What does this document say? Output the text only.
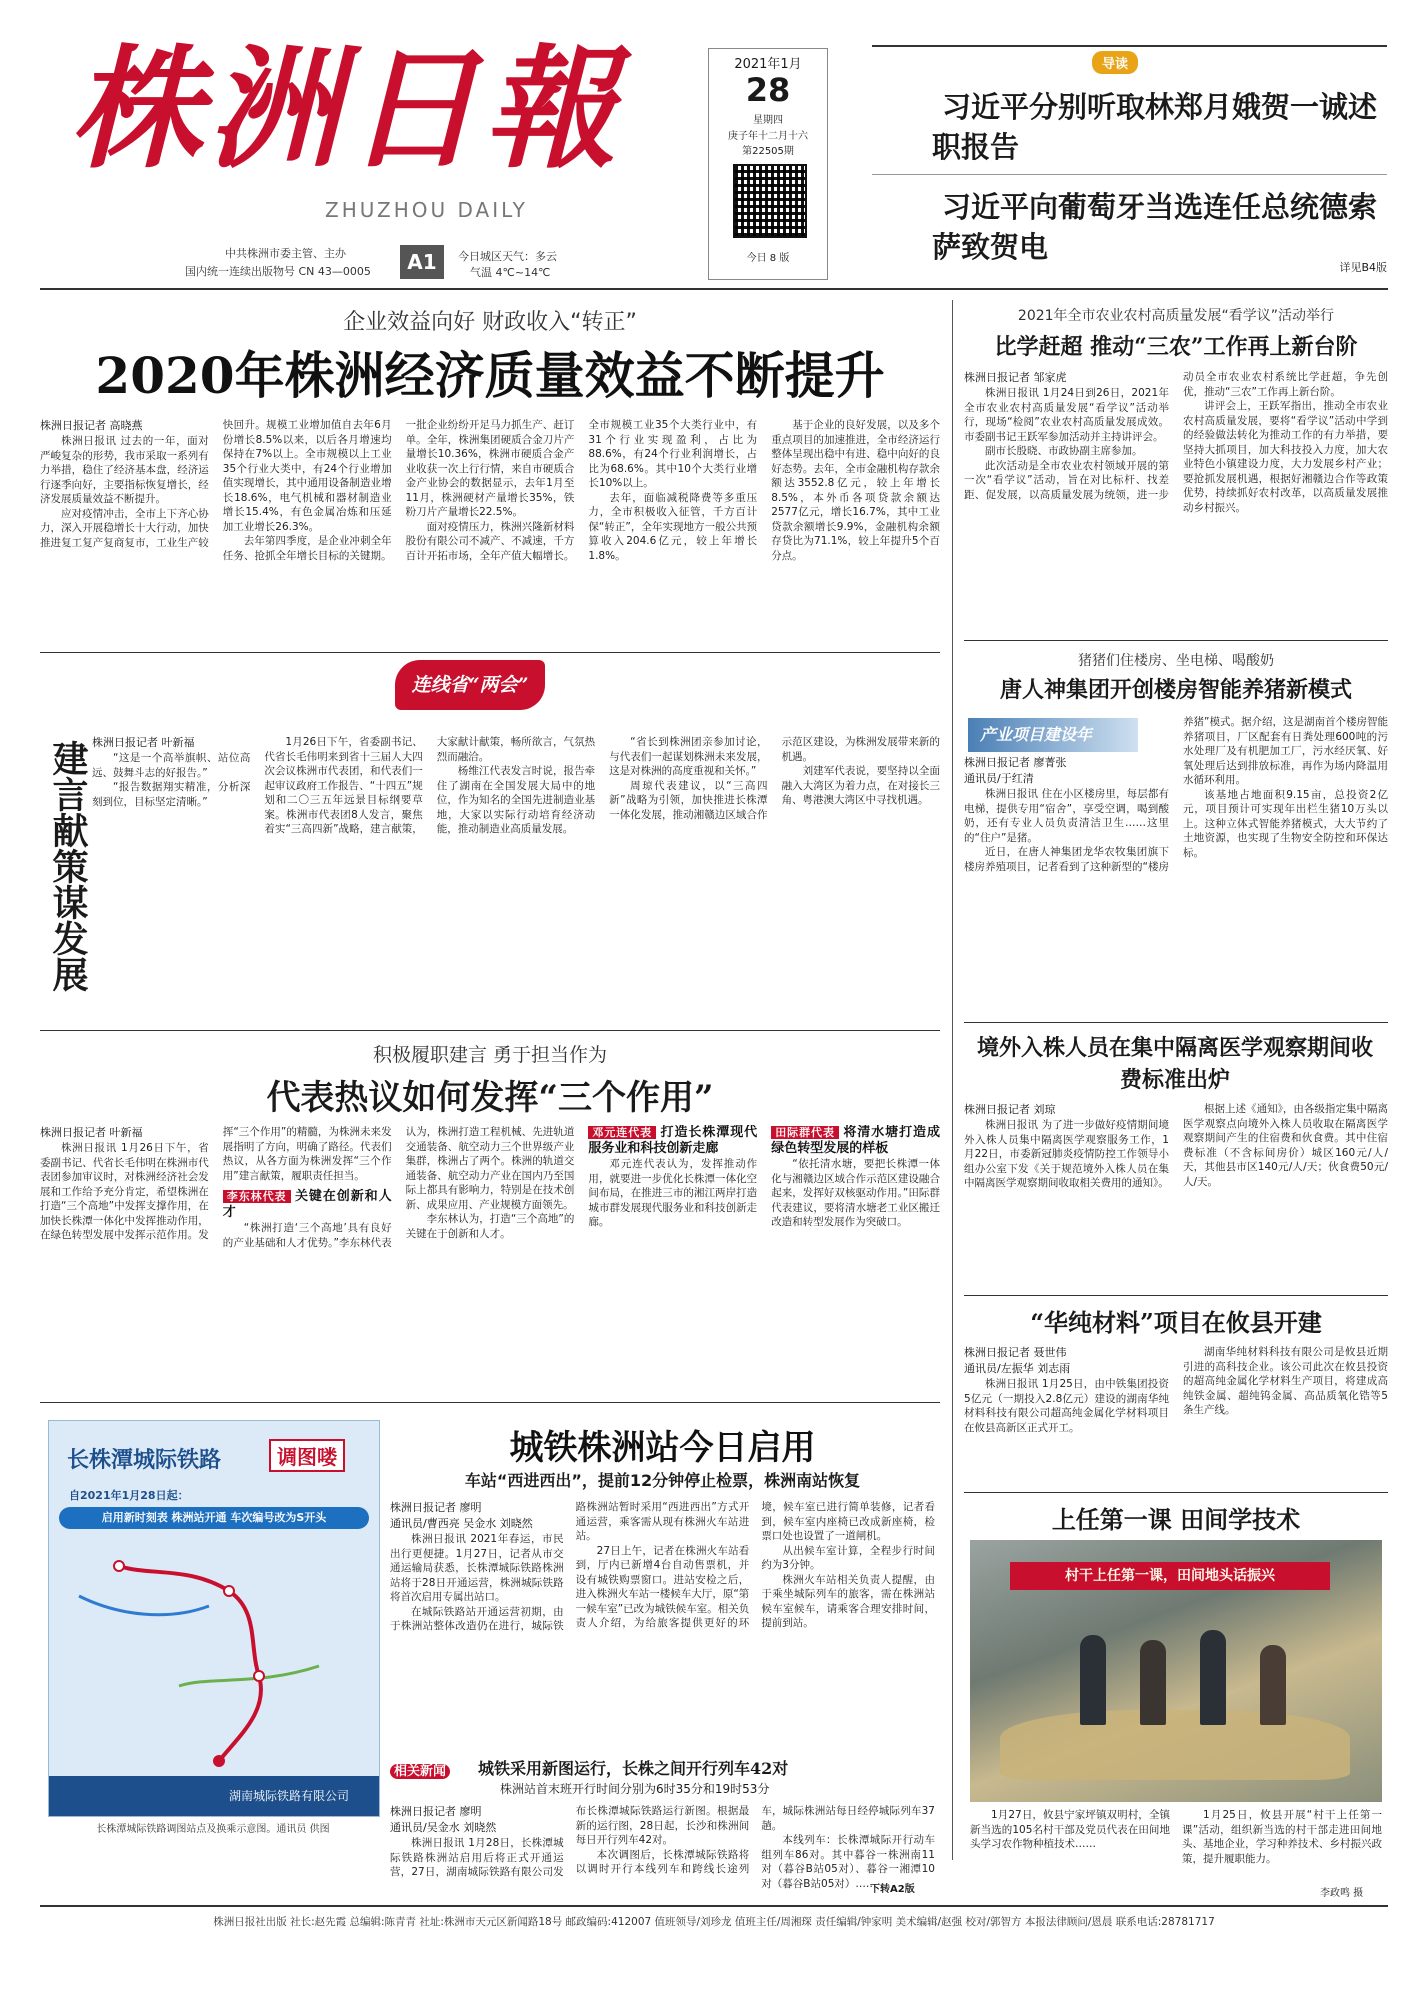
株洲日報
ZHUZHOU DAILY
中共株洲市委主管、主办
国内统一连续出版物号 CN 43—0005	A1	今日城区天气：多云
气温 4℃~14℃
2021年1月
28
星期四
庚子年十二月十六
第22505期
今日 8 版
导读
习近平分别听取林郑月娥贺一诚述职报告
习近平向葡萄牙当选连任总统德索萨致贺电
详见B4版
企业效益向好 财政收入“转正”
2020年株洲经济质量效益不断提升

株洲日报记者 高晓燕

株洲日报讯 过去的一年，面对严峻复杂的形势，我市采取一系列有力举措，稳住了经济基本盘，经济运行逐季向好，主要指标恢复增长，经济发展质量效益不断提升。

应对疫情冲击，全市上下齐心协力，深入开展稳增长十大行动，加快推进复工复产复商复市，工业生产较快回升。规模工业增加值自去年6月份增长8.5%以来，以后各月增速均保持在7%以上。全市规模以上工业35个行业大类中，有24个行业增加值实现增长，其中通用设备制造业增长18.6%，电气机械和器材制造业增长15.4%，有色金属冶炼和压延加工业增长26.3%。

去年第四季度，是企业冲刺全年任务、抢抓全年增长目标的关键期。一批企业纷纷开足马力抓生产、赶订单。全年，株洲集团硬质合金刀片产量增长10.36%，株洲市硬质合金产业收获一次上行行情，来自市硬质合金产业协会的数据显示，去年1月至11月，株洲硬材产量增长35%，铁粉刀片产量增长22.5%。

面对疫情压力，株洲兴隆新材料股份有限公司不减产、不减速，千方百计开拓市场，全年产值大幅增长。全市规模工业35个大类行业中，有31个行业实现盈利，占比为88.6%，有24个行业利润增长，占比为68.6%。其中10个大类行业增长10%以上。

去年，面临减税降费等多重压力，全市积极收入征管，千方百计保“转正”，全年实现地方一般公共预算收入204.6亿元，较上年增长1.8%。

基于企业的良好发展，以及多个重点项目的加速推进，全市经济运行整体呈现出稳中有进、稳中向好的良好态势。去年，全市金融机构存款余额达3552.8亿元，较上年增长8.5%，本外币各项贷款余额达2577亿元，增长16.7%，其中工业贷款余额增长9.9%，金融机构余额存贷比为71.1%，较上年提升5个百分点。

2021年全市农业农村高质量发展“看学议”活动举行
比学赶超 推动“三农”工作再上新台阶

株洲日报记者 邹家虎

株洲日报讯 1月24日到26日，2021年全市农业农村高质量发展“看学议”活动举行，现场“检阅”农业农村高质量发展成效。市委副书记王跃军参加活动并主持讲评会。

副市长殷晓、市政协副主席参加。

此次活动是全市农业农村领域开展的第一次“看学议”活动，旨在对比标杆、找差距、促发展，以高质量发展为统领，进一步动员全市农业农村系统比学赶超，争先创优，推动“三农”工作再上新台阶。

讲评会上，王跃军指出，推动全市农业农村高质量发展，要将“看学议”活动中学到的经验做法转化为推动工作的有力举措，要坚持大抓项目，加大科技投入力度，加大农业特色小镇建设力度，大力发展乡村产业；要抢抓发展机遇，根据好湘赣边合作等政策优势，持续抓好农村改革，以高质量发展推动乡村振兴。

连线省“两会”
建言献策谋发展 株洲日报记者 叶新福

“这是一个高举旗帜、站位高远、鼓舞斗志的好报告。”

“报告数据翔实精准，分析深刻到位，目标坚定清晰。”

1月26日下午，省委副书记、代省长毛伟明来到省十三届人大四次会议株洲市代表团，和代表们一起审议政府工作报告、“十四五”规划和二〇三五年远景目标纲要草案。株洲市代表团8人发言，聚焦着实“三高四新”战略，建言献策，大家献计献策，畅所欲言，气氛热烈而融洽。

杨维江代表发言时说，报告牵住了湖南在全国发展大局中的地位，作为知名的全国先进制造业基地，大家以实际行动培育经济动能，推动制造业高质量发展。

“省长到株洲团亲参加讨论，与代表们一起谋划株洲未来发展，这是对株洲的高度重视和关怀。”

周琼代表建议，以“三高四新”战略为引领，加快推进长株潭一体化发展，推动湘赣边区域合作示范区建设，为株洲发展带来新的机遇。

刘建军代表说，要坚持以全面融入大湾区为着力点，在对接长三角、粤港澳大湾区中寻找机遇。

猪猪们住楼房、坐电梯、喝酸奶
唐人神集团开创楼房智能养猪新模式
产业项目建设年

株洲日报记者 廖菁张

通讯员/于红清

株洲日报讯 住在小区楼房里，每层都有电梯，提供专用“宿舍”，享受空调，喝到酸奶，还有专业人员负责清洁卫生……这里的“住户”是猪。

近日，在唐人神集团龙华农牧集团旗下楼房养殖项目，记者看到了这种新型的“楼房养猪”模式。据介绍，这是湖南首个楼房智能养猪项目，厂区配套有日粪处理600吨的污水处理厂及有机肥加工厂，污水经厌氧、好氧处理后达到排放标准，再作为场内降温用水循环利用。

该基地占地面积9.15亩，总投资2亿元，项目预计可实现年出栏生猪10万头以上。这种立体式智能养猪模式，大大节约了土地资源，也实现了生物安全防控和环保达标。

积极履职建言 勇于担当作为
代表热议如何发挥“三个作用”

株洲日报记者 叶新福

株洲日报讯 1月26日下午，省委副书记、代省长毛伟明在株洲市代表团参加审议时，对株洲经济社会发展和工作给予充分肯定，希望株洲在打造“三个高地”中发挥支撑作用，在加快长株潭一体化中发挥推动作用，在绿色转型发展中发挥示范作用。发挥“三个作用”的精髓，为株洲未来发展指明了方向，明确了路径。代表们热议，从各方面为株洲发挥“三个作用”建言献策，履职责任担当。

李东林代表 关键在创新和人才

“株洲打造‘三个高地’具有良好的产业基础和人才优势。”李东林代表认为，株洲打造工程机械、先进轨道交通装备、航空动力三个世界级产业集群，株洲占了两个。株洲的轨道交通装备、航空动力产业在国内乃至国际上都具有影响力，特别是在技术创新、成果应用、产业规模方面领先。

李东林认为，打造“三个高地”的关键在于创新和人才。

邓元连代表 打造长株潭现代服务业和科技创新走廊

邓元连代表认为，发挥推动作用，就要进一步优化长株潭一体化空间布局，在推进三市的湘江两岸打造城市群发展现代服务业和科技创新走廊。

田际群代表 将清水塘打造成绿色转型发展的样板

“依托清水塘，要把长株潭一体化与湘赣边区域合作示范区建设融合起来，发挥好双核驱动作用。”田际群代表建议，要将清水塘老工业区搬迁改造和转型发展作为突破口。

境外入株人员在集中隔离医学观察期间收费标准出炉

株洲日报记者 刘琼

株洲日报讯 为了进一步做好疫情期间境外入株人员集中隔离医学观察服务工作，1月22日，市委新冠肺炎疫情防控工作领导小组办公室下发《关于规范境外入株人员在集中隔离医学观察期间收取相关费用的通知》。

根据上述《通知》，由各级指定集中隔离医学观察点向境外入株人员收取在隔离医学观察期间产生的住宿费和伙食费。其中住宿费标准（不含标间房价）城区160元/人/天，其他县市区140元/人/天；伙食费50元/人/天。

“华纯材料”项目在攸县开建

株洲日报记者 聂世伟

通讯员/左振华 刘志雨

株洲日报讯 1月25日，由中铁集团投资5亿元（一期投入2.8亿元）建设的湖南华纯材料科技有限公司超高纯金属化学材料项目在攸县高新区正式开工。

湖南华纯材料科技有限公司是攸县近期引进的高科技企业。该公司此次在攸县投资的超高纯金属化学材料生产项目，将建成高纯铁金属、超纯钨金属、高品质氧化锆等5条生产线。

长株潭城际铁路	调图喽
自2021年1月28日起：
启用新时刻表 株洲站开通 车次编号改为S开头
湖南城际铁路有限公司
长株潭城际铁路调图站点及换乘示意图。通讯员 供图
城铁株洲站今日启用
车站“西进西出”，提前12分钟停止检票，株洲南站恢复

株洲日报记者 廖明

通讯员/曹西亮 吴金水 刘晓然

株洲日报讯 2021年春运，市民出行更便捷。1月27日，记者从市交通运输局获悉，长株潭城际铁路株洲站将于28日开通运营，株洲城际铁路将首次启用专属出站口。

在城际铁路站开通运营初期，由于株洲站整体改造仍在进行，城际铁路株洲站暂时采用“西进西出”方式开通运营，乘客需从现有株洲火车站进站。

27日上午，记者在株洲火车站看到，厅内已新增4台自动售票机，并设有城铁购票窗口。进站安检之后，进入株洲火车站一楼候车大厅，原“第一候车室”已改为城铁候车室。相关负责人介绍，为给旅客提供更好的环境，候车室已进行简单装修，记者看到，候车室内座椅已改成新座椅，检票口处也设置了一道闸机。

从出候车室计算，全程步行时间约为3分钟。

株洲火车站相关负责人提醒，由于乘坐城际列车的旅客，需在株洲站候车室候车，请乘客合理安排时间，提前到站。

相关新闻 城铁采用新图运行，长株之间开行列车42对
株洲站首末班开行时间分别为6时35分和19时53分

株洲日报记者 廖明

通讯员/吴金水 刘晓然

株洲日报讯 1月28日，长株潭城际铁路株洲站启用后将正式开通运营，27日，湖南城际铁路有限公司发布长株潭城际铁路运行新图。根据最新的运行图，28日起，长沙和株洲间每日开行列车42对。

本次调图后，长株潭城际铁路将以调时开行本线列车和跨线长途列车，城际株洲站每日经停城际列车37趟。

本线列车：长株潭城际开行动车组列车86对。其中暮谷一株洲南11对（暮谷B站05对）、暮谷一湘潭10对（暮谷B站05对）……

下转A2版
上任第一课 田间学技术
村干上任第一课，田间地头话振兴

1月27日，攸县宁家坪镇双明村，全镇新当选的105名村干部及党员代表在田间地头学习农作物种植技术……

1月25日，攸县开展“村干上任第一课”活动，组织新当选的村干部走进田间地头、基地企业，学习种养技术、乡村振兴政策，提升履职能力。

李政鸣 摄
株洲日报社出版 社长:赵先霞 总编辑:陈青青 社址:株洲市天元区新闻路18号 邮政编码:412007 值班领导/刘珍龙 值班主任/周湘琛 责任编辑/钟家明 美术编辑/赵强 校对/郭智方 本报法律顾问/恩晨 联系电话:28781717
